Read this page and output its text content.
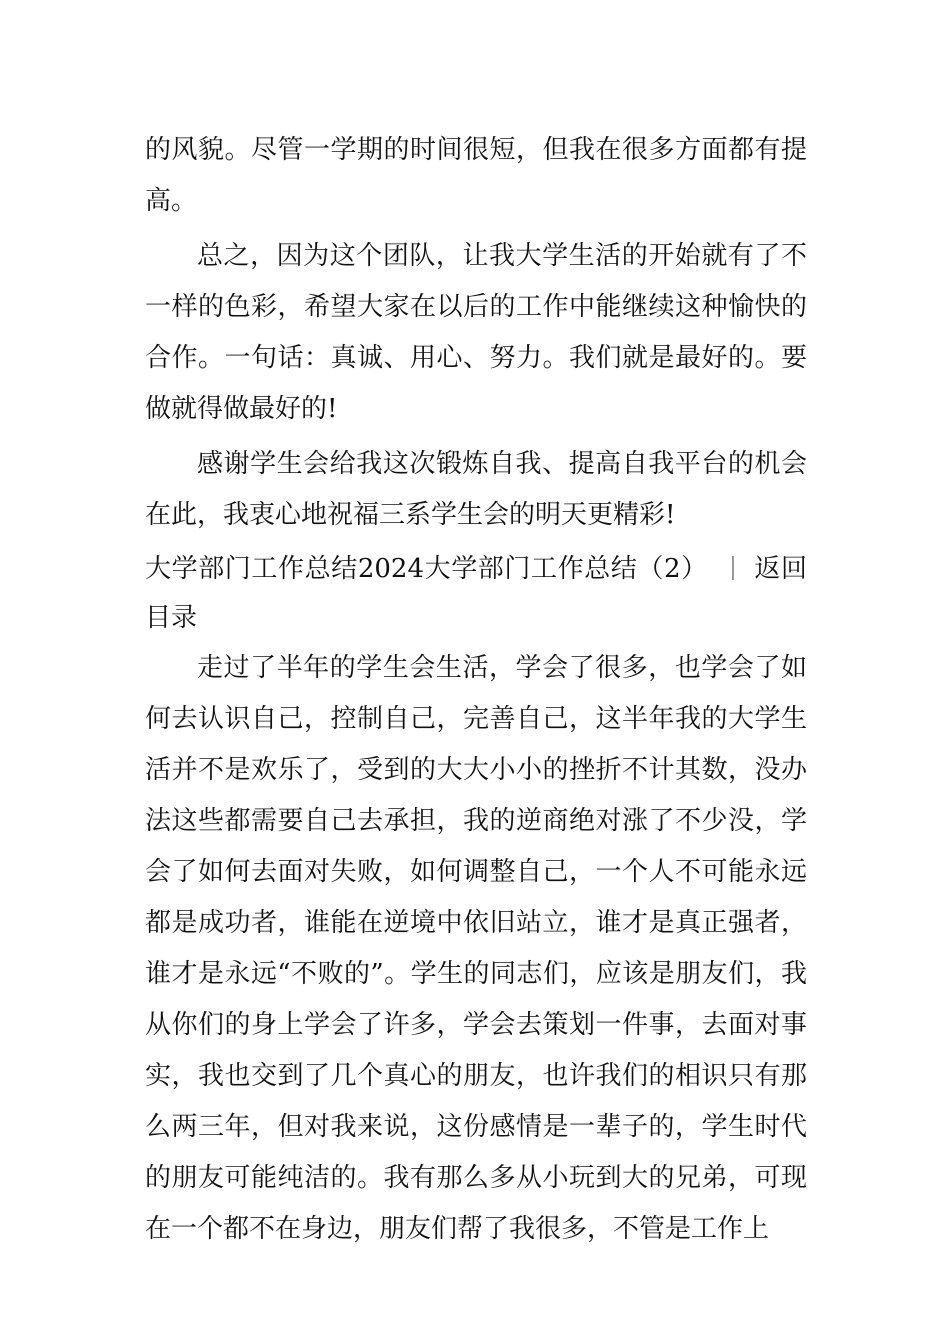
的风貌。尽管一学期的时间很短，但我在很多方面都有提高。

总之，因为这个团队，让我大学生活的开始就有了不一样的色彩，希望大家在以后的工作中能继续这种愉快的合作。一句话：真诚、用心、努力。我们就是最好的。要做就得做最好的!

感谢学生会给我这次锻炼自我、提高自我平台的机会在此，我衷心地祝福三系学生会的明天更精彩!

大学部门工作总结2024大学部门工作总结（2） 返回目录

走过了半年的学生会生活，学会了很多，也学会了如何去认识自己，控制自己，完善自己，这半年我的大学生活并不是欢乐了，受到的大大小小的挫折不计其数，没办法这些都需要自己去承担，我的逆商绝对涨了不少没，学会了如何去面对失败，如何调整自己，一个人不可能永远都是成功者，谁能在逆境中依旧站立，谁才是真正强者，谁才是永远“不败的”。学生的同志们，应该是朋友们，我从你们的身上学会了许多，学会去策划一件事，去面对事实，我也交到了几个真心的朋友，也许我们的相识只有那么两三年，但对我来说，这份感情是一辈子的，学生时代的朋友可能纯洁的。我有那么多从小玩到大的兄弟，可现在一个都不在身边，朋友们帮了我很多，不管是工作上
